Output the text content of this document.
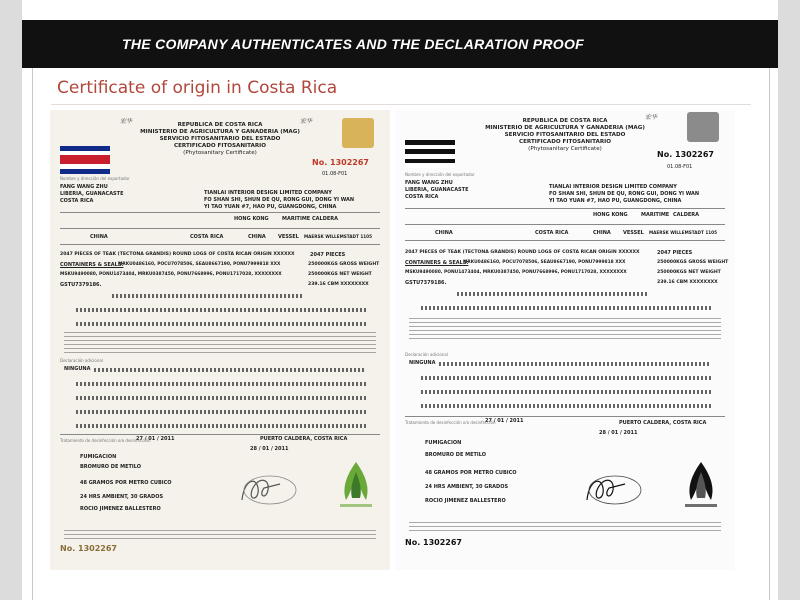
THE COMPANY AUTHENTICATES AND THE DECLARATION PROOF
Certificate of origin in Costa Rica
宏华	宏华
REPUBLICA DE COSTA RICA
MINISTERIO DE AGRICULTURA Y GANADERIA (MAG)
SERVICIO FITOSANITARIO DEL ESTADO
CERTIFICADO FITOSANITARIO
(Phytosanitary Certificate)
No. 1302267
01.08-F01
Nombre y dirección del exportador
FANG WANG ZHU
LIBERIA, GUANACASTE
COSTA RICA
TIANLAI INTERIOR DESIGN LIMITED COMPANY
FO SHAN SHI, SHUN DE QU, RONG GUI, DONG YI WAN
YI TAO YUAN #7, HAO PU, GUANGDONG, CHINA
HONG KONG	MARITIME CALDERA
CHINA	COSTA RICA	CHINA VESSEL MAERSK WILLEMSTADT 1105
2047 PIECES OF TEAK (TECTONA GRANDIS) ROUND LOGS OF COSTA RICAN ORIGIN XXXXXX	2047 PIECES
CONTAINERS & SEALS:
MRKU0486160, POCU7078506, SEAU8667190, PONU7999818 XXX	250000KGS GROSS WEIGHT
MSKU9490080, PONU1473404, MRKU0387450, PONU7668996, PONU1717028, XXXXXXXX	250000KGS NET WEIGHT
GSTU7379186.	239.16 CBM XXXXXXXX
Declaración adicional
NINGUNA
Tratamiento de desinfección o/o desinfección
27 / 01 / 2011	PUERTO CALDERA, COSTA RICA
28 / 01 / 2011
FUMIGACION
BROMURO DE METILO
48 GRAMOS POR METRO CUBICO
24 HRS AMBIENT, 30 GRADOS
ROCIO JIMENEZ BALLESTERO
No. 1302267
宏华
REPUBLICA DE COSTA RICA
MINISTERIO DE AGRICULTURA Y GANADERIA (MAG)
SERVICIO FITOSANITARIO DEL ESTADO
CERTIFICADO FITOSANITARIO
(Phytosanitary Certificate)
No. 1302267
01.08-F01
Nombre y dirección del exportador
FANG WANG ZHU
LIBERIA, GUANACASTE
COSTA RICA
TIANLAI INTERIOR DESIGN LIMITED COMPANY
FO SHAN SHI, SHUN DE QU, RONG GUI, DONG YI WAN
YI TAO YUAN #7, HAO PU, GUANGDONG, CHINA
HONG KONG	MARITIME CALDERA
CHINA	COSTA RICA	CHINA VESSEL MAERSK WILLEMSTADT 1105
2047 PIECES OF TEAK (TECTONA GRANDIS) ROUND LOGS OF COSTA RICAN ORIGIN XXXXXX	2047 PIECES
CONTAINERS & SEALS:
MRKU0486160, POCU7078506, SEAU8667190, PONU7999818 XXX	250000KGS GROSS WEIGHT
MSKU9490080, PONU1473404, MRKU0387450, PONU7668996, PONU1717028, XXXXXXXX	250000KGS NET WEIGHT
GSTU7379186.	239.16 CBM XXXXXXXX
Declaración adicional
NINGUNA
Tratamiento de desinfección o/o desinfección
27 / 01 / 2011	PUERTO CALDERA, COSTA RICA
28 / 01 / 2011
FUMIGACION
BROMURO DE METILO
48 GRAMOS POR METRO CUBICO
24 HRS AMBIENT, 30 GRADOS
ROCIO JIMENEZ BALLESTERO
No. 1302267
